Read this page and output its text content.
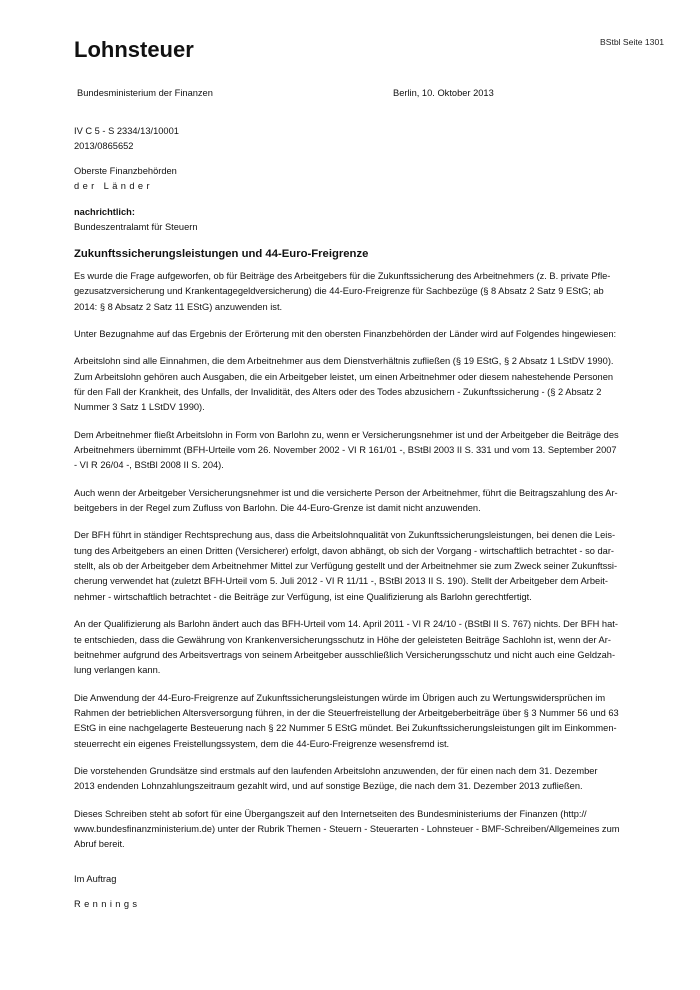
BStbl Seite 1301
Lohnsteuer
Bundesministerium der Finanzen	Berlin, 10. Oktober 2013
IV C 5 - S 2334/13/10001
2013/0865652
Oberste Finanzbehörden
der Länder
nachrichtlich:
Bundeszentralamt für Steuern
Zukunftssicherungsleistungen und 44-Euro-Freigrenze

Es wurde die Frage aufgeworfen, ob für Beiträge des Arbeitgebers für die Zukunftssicherung des Arbeitnehmers (z. B. private Pfle-
gezusatzversicherung und Krankentagegeldversicherung) die 44-Euro-Freigrenze für Sachbezüge (§ 8 Absatz 2 Satz 9 EStG; ab
2014: § 8 Absatz 2 Satz 11 EStG) anzuwenden ist.

Unter Bezugnahme auf das Ergebnis der Erörterung mit den obersten Finanzbehörden der Länder wird auf Folgendes hingewiesen:

Arbeitslohn sind alle Einnahmen, die dem Arbeitnehmer aus dem Dienstverhältnis zufließen (§ 19 EStG, § 2 Absatz 1 LStDV 1990).
Zum Arbeitslohn gehören auch Ausgaben, die ein Arbeitgeber leistet, um einen Arbeitnehmer oder diesem nahestehende Personen
für den Fall der Krankheit, des Unfalls, der Invalidität, des Alters oder des Todes abzusichern - Zukunftssicherung - (§ 2 Absatz 2
Nummer 3 Satz 1 LStDV 1990).

Dem Arbeitnehmer fließt Arbeitslohn in Form von Barlohn zu, wenn er Versicherungsnehmer ist und der Arbeitgeber die Beiträge des
Arbeitnehmers übernimmt (BFH-Urteile vom 26. November 2002 - VI R 161/01 -, BStBl 2003 II S. 331 und vom 13. September 2007
- VI R 26/04 -, BStBl 2008 II S. 204).

Auch wenn der Arbeitgeber Versicherungsnehmer ist und die versicherte Person der Arbeitnehmer, führt die Beitragszahlung des Ar-
beitgebers in der Regel zum Zufluss von Barlohn. Die 44-Euro-Grenze ist damit nicht anzuwenden.

Der BFH führt in ständiger Rechtsprechung aus, dass die Arbeitslohnqualität von Zukunftssicherungsleistungen, bei denen die Leis-
tung des Arbeitgebers an einen Dritten (Versicherer) erfolgt, davon abhängt, ob sich der Vorgang - wirtschaftlich betrachtet - so dar-
stellt, als ob der Arbeitgeber dem Arbeitnehmer Mittel zur Verfügung gestellt und der Arbeitnehmer sie zum Zweck seiner Zukunftssi-
cherung verwendet hat (zuletzt BFH-Urteil vom 5. Juli 2012 - VI R 11/11 -, BStBl 2013 II S. 190). Stellt der Arbeitgeber dem Arbeit-
nehmer - wirtschaftlich betrachtet - die Beiträge zur Verfügung, ist eine Qualifizierung als Barlohn gerechtfertigt.

An der Qualifizierung als Barlohn ändert auch das BFH-Urteil vom 14. April 2011 - VI R 24/10 - (BStBl II S. 767) nichts. Der BFH hat-
te entschieden, dass die Gewährung von Krankenversicherungsschutz in Höhe der geleisteten Beiträge Sachlohn ist, wenn der Ar-
beitnehmer aufgrund des Arbeitsvertrags von seinem Arbeitgeber ausschließlich Versicherungsschutz und nicht auch eine Geldzah-
lung verlangen kann.

Die Anwendung der 44-Euro-Freigrenze auf Zukunftssicherungsleistungen würde im Übrigen auch zu Wertungswidersprüchen im
Rahmen der betrieblichen Altersversorgung führen, in der die Steuerfreistellung der Arbeitgeberbeiträge über § 3 Nummer 56 und 63
EStG in eine nachgelagerte Besteuerung nach § 22 Nummer 5 EStG mündet. Bei Zukunftssicherungsleistungen gilt im Einkommen-
steuerrecht ein eigenes Freistellungssystem, dem die 44-Euro-Freigrenze wesensfremd ist.

Die vorstehenden Grundsätze sind erstmals auf den laufenden Arbeitslohn anzuwenden, der für einen nach dem 31. Dezember
2013 endenden Lohnzahlungszeitraum gezahlt wird, und auf sonstige Bezüge, die nach dem 31. Dezember 2013 zufließen.

Dieses Schreiben steht ab sofort für eine Übergangszeit auf den Internetseiten des Bundesministeriums der Finanzen (http://
www.bundesfinanzministerium.de) unter der Rubrik Themen - Steuern - Steuerarten - Lohnsteuer - BMF-Schreiben/Allgemeines zum
Abruf bereit.

Im Auftrag
Rennings
